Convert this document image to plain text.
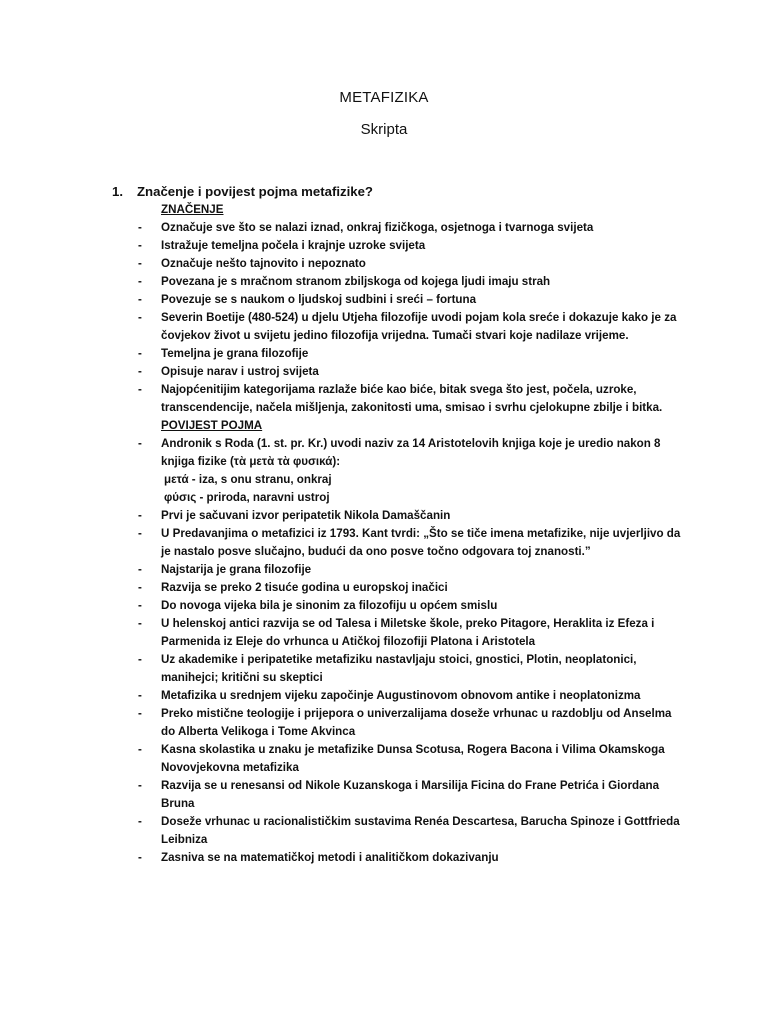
METAFIZIKA
Skripta
1.	Značenje i povijest pojma metafizike?
ZNAČENJE
-	Označuje sve što se nalazi iznad, onkraj fizičkoga, osjetnoga i tvarnoga svijeta
-	Istražuje temeljna počela i krajnje uzroke svijeta
-	Označuje nešto tajnovito i nepoznato
-	Povezana je s mračnom stranom zbiljskoga od kojega ljudi imaju strah
-	Povezuje se s naukom o ljudskoj sudbini i sreći – fortuna
-	Severin Boetije (480-524) u djelu Utjeha filozofije uvodi pojam kola sreće i dokazuje kako je za čovjekov život u svijetu jedino filozofija vrijedna. Tumači stvari koje nadilaze vrijeme.
-	Temeljna je grana filozofije
-	Opisuje narav i ustroj svijeta
-	Najopćenitijim kategorijama razlaže biće kao biće, bitak svega što jest, počela, uzroke, transcendencije, načela mišljenja, zakonitosti uma, smisao i svrhu cjelokupne zbilje i bitka.
POVIJEST POJMA
-	Andronik s Roda (1. st. pr. Kr.) uvodi naziv za 14 Aristotelovih knjiga koje je uredio nakon 8 knjiga fizike (τὰ μετὰ τὰ φυσικά):
μετά - iza, s onu stranu, onkraj
φύσις - priroda, naravni ustroj
-	Prvi je sačuvani izvor peripatetik Nikola Damaščanin
-	U Predavanjima o metafizici iz 1793. Kant tvrdi: „Što se tiče imena metafizike, nije uvjerljivo da je nastalo posve slučajno, budući da ono posve točno odgovara toj znanosti.”
-	Najstarija je grana filozofije
-	Razvija se preko 2 tisuće godina u europskoj inačici
-	Do novoga vijeka bila je sinonim za filozofiju u općem smislu
-	U helenskoj antici razvija se od Talesa i Miletske škole, preko Pitagore, Heraklita iz Efeza i Parmenida iz Eleje do vrhunca u Atičkoj filozofiji Platona i Aristotela
-	Uz akademike i peripatetike metafiziku nastavljaju stoici, gnostici, Plotin, neoplatonici, manihejci; kritični su skeptici
-	Metafizika u srednjem vijeku započinje Augustinovom obnovom antike i neoplatonizma
-	Preko mistične teologije i prijepora o univerzalijama doseže vrhunac u razdoblju od Anselma do Alberta Velikoga i Tome Akvinca
-	Kasna skolastika u znaku je metafizike Dunsa Scotusa, Rogera Bacona i Vilima Okamskoga Novovjekovna metafizika
-	Razvija se u renesansi od Nikole Kuzanskoga i Marsilija Ficina do Frane Petrića i Giordana Bruna
-	Doseže vrhunac u racionalističkim sustavima Renéa Descartesa, Barucha Spinoze i Gottfrieda Leibniza
-	Zasniva se na matematičkoj metodi i analitičkom dokazivanju
